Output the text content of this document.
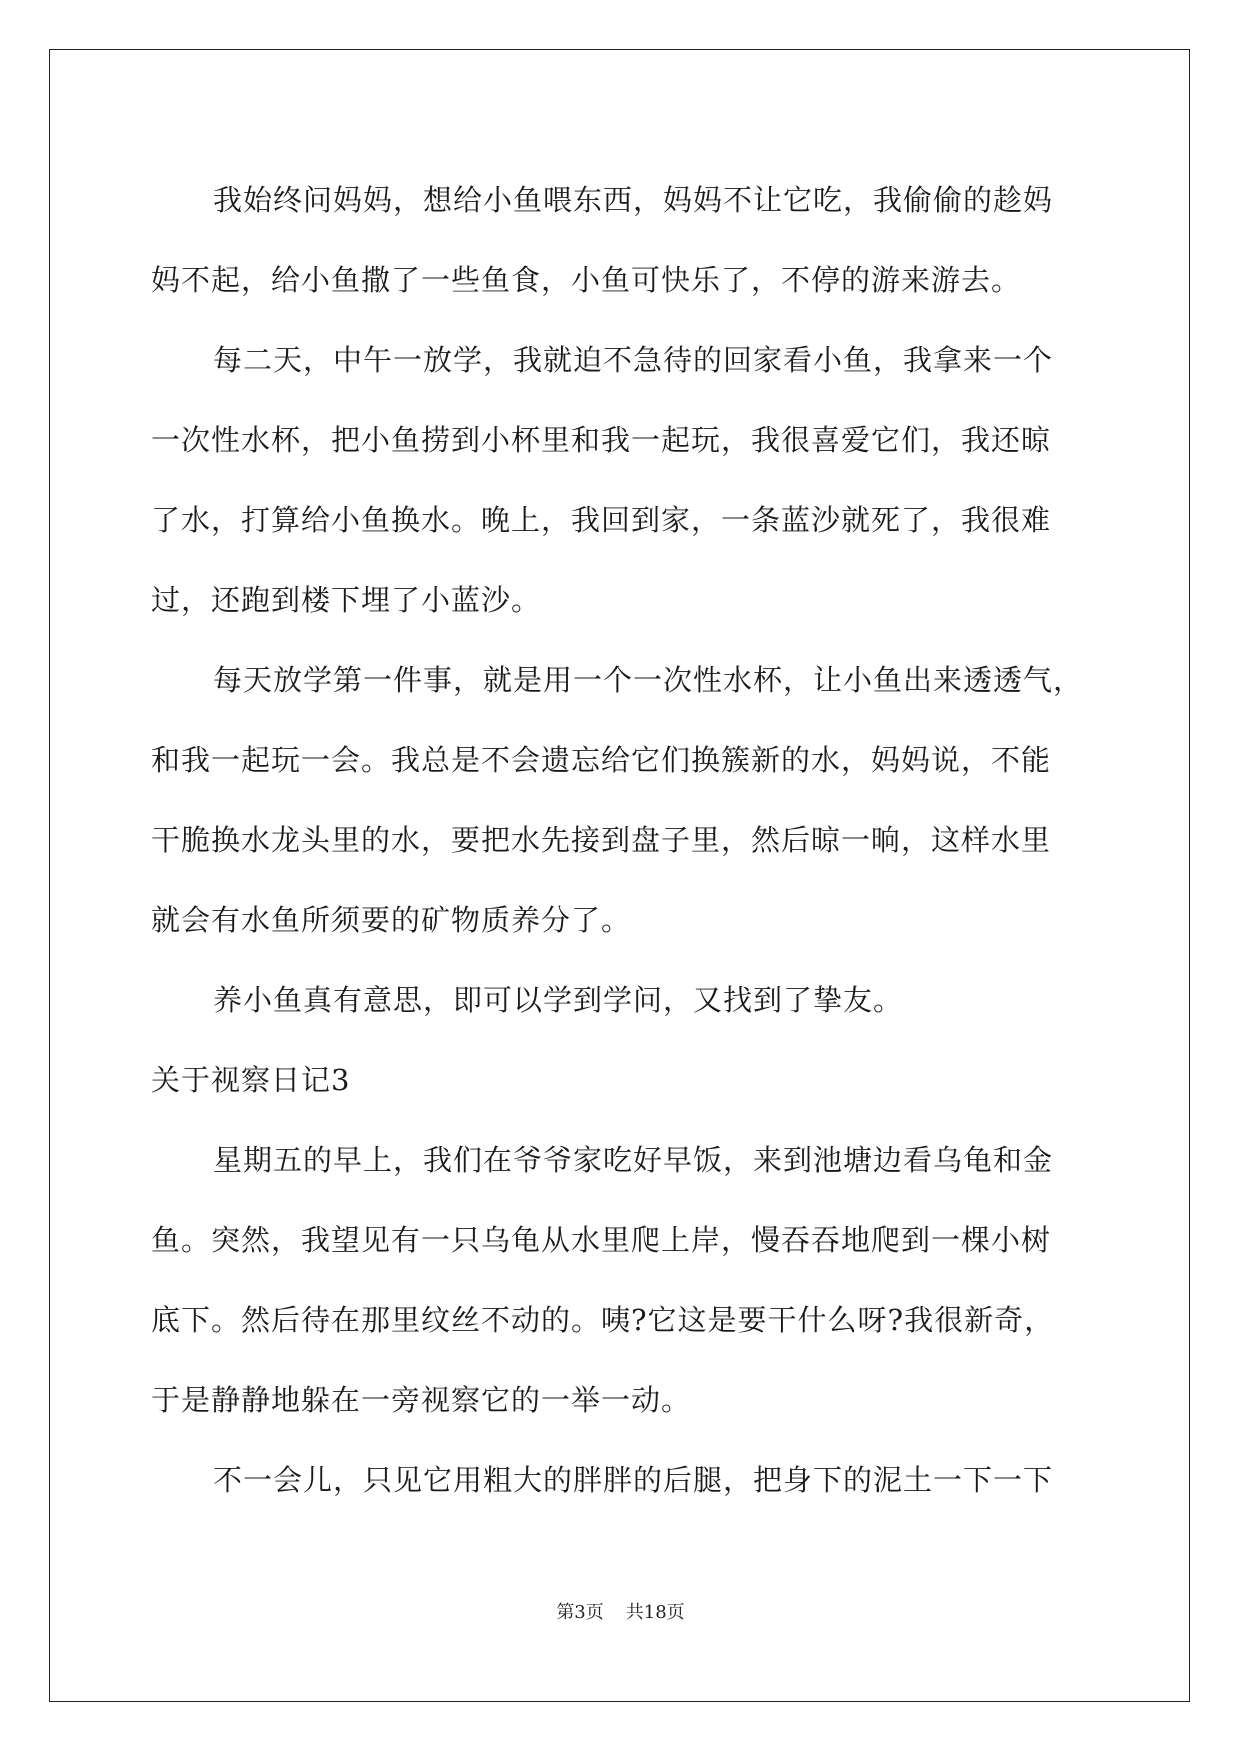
我始终问妈妈，想给小鱼喂东西，妈妈不让它吃，我偷偷的趁妈
妈不起，给小鱼撒了一些鱼食，小鱼可快乐了，不停的游来游去。
每二天，中午一放学，我就迫不急待的回家看小鱼，我拿来一个
一次性水杯，把小鱼捞到小杯里和我一起玩，我很喜爱它们，我还晾
了水，打算给小鱼换水。晚上，我回到家，一条蓝沙就死了，我很难
过，还跑到楼下埋了小蓝沙。
每天放学第一件事，就是用一个一次性水杯，让小鱼出来透透气，
和我一起玩一会。我总是不会遗忘给它们换簇新的水，妈妈说，不能
干脆换水龙头里的水，要把水先接到盘子里，然后晾一晌，这样水里
就会有水鱼所须要的矿物质养分了。
养小鱼真有意思，即可以学到学问，又找到了挚友。
关于视察日记3
星期五的早上，我们在爷爷家吃好早饭，来到池塘边看乌龟和金
鱼。突然，我望见有一只乌龟从水里爬上岸，慢吞吞地爬到一棵小树
底下。然后待在那里纹丝不动的。咦?它这是要干什么呀?我很新奇，
于是静静地躲在一旁视察它的一举一动。
不一会儿，只见它用粗大的胖胖的后腿，把身下的泥土一下一下
第3页 共18页
